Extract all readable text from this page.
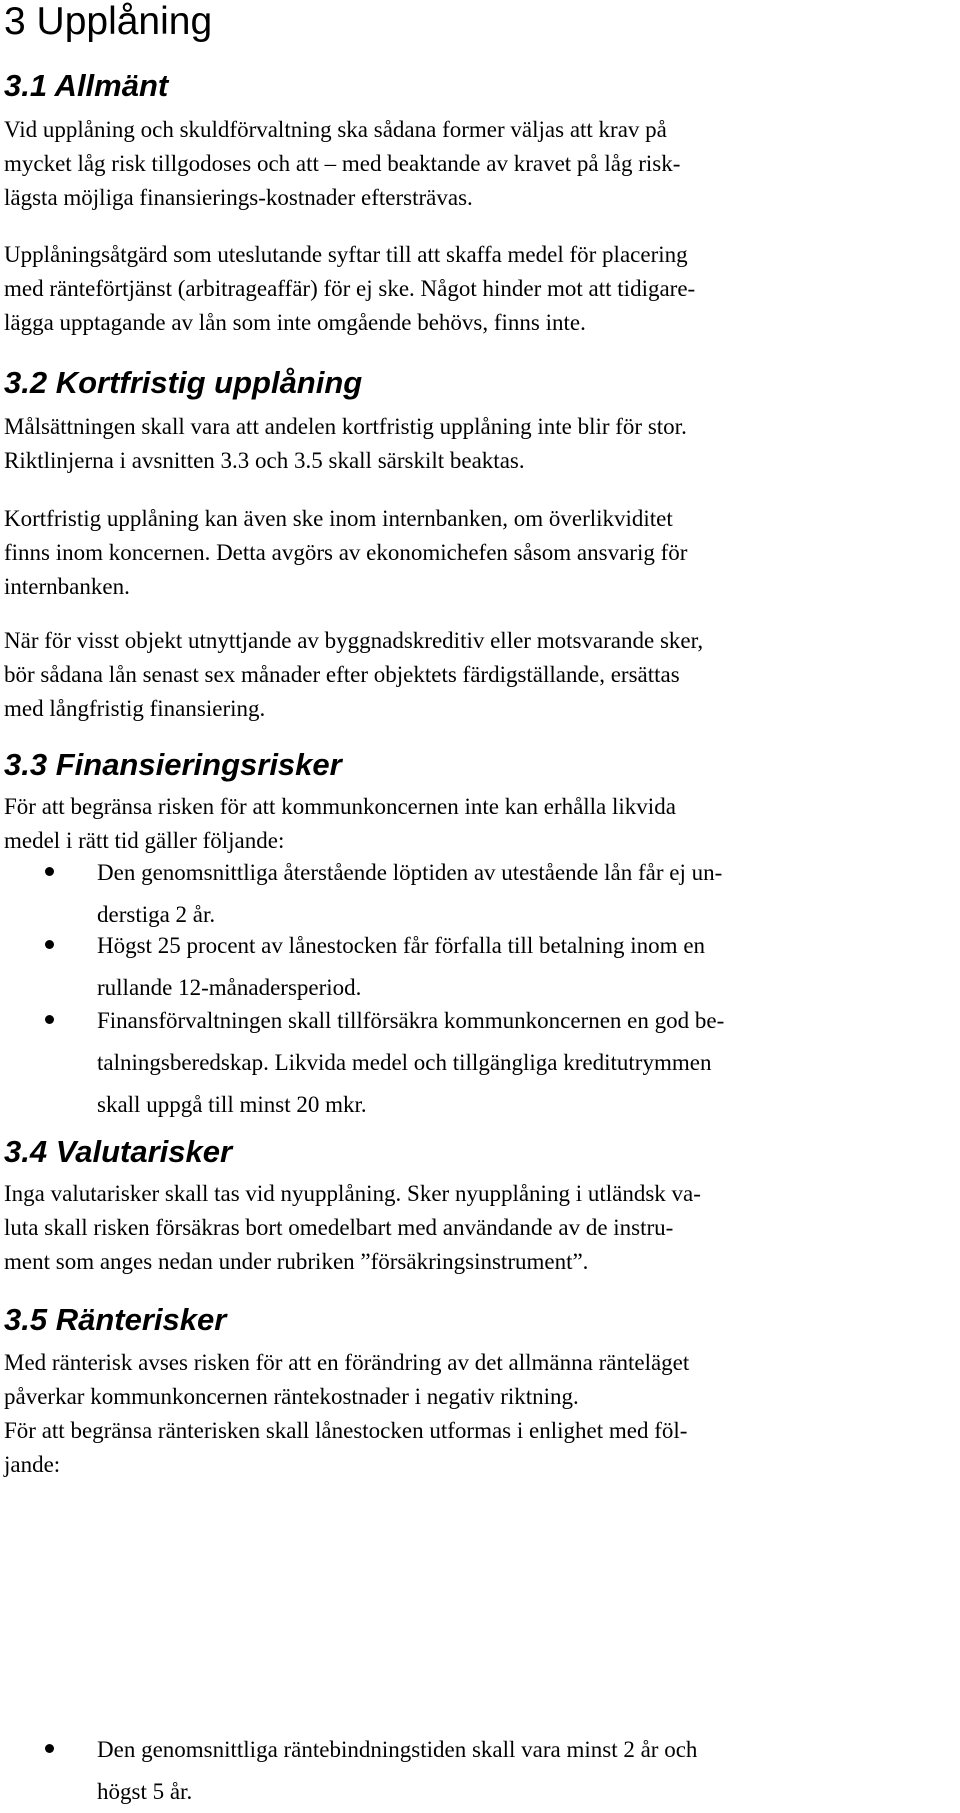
3 Upplåning
3.1 Allmänt

Vid upplåning och skuldförvaltning ska sådana former väljas att krav på
mycket låg risk tillgodoses och att – med beaktande av kravet på låg risk-
lägsta möjliga finansierings-kostnader eftersträvas.

Upplåningsåtgärd som uteslutande syftar till att skaffa medel för placering
med ränteförtjänst (arbitrageaffär) för ej ske. Något hinder mot att tidigare-
lägga upptagande av lån som inte omgående behövs, finns inte.

3.2 Kortfristig upplåning

Målsättningen skall vara att andelen kortfristig upplåning inte blir för stor.
Riktlinjerna i avsnitten 3.3 och 3.5 skall särskilt beaktas.

Kortfristig upplåning kan även ske inom internbanken, om överlikviditet
finns inom koncernen. Detta avgörs av ekonomichefen såsom ansvarig för
internbanken.

När för visst objekt utnyttjande av byggnadskreditiv eller motsvarande sker,
bör sådana lån senast sex månader efter objektets färdigställande, ersättas
med långfristig finansiering.

3.3 Finansieringsrisker

För att begränsa risken för att kommunkoncernen inte kan erhålla likvida
medel i rätt tid gäller följande:

Den genomsnittliga återstående löptiden av utestående lån får ej un-
derstiga 2 år.
Högst 25 procent av lånestocken får förfalla till betalning inom en
rullande 12-månadersperiod.
Finansförvaltningen skall tillförsäkra kommunkoncernen en god be-
talningsberedskap. Likvida medel och tillgängliga kreditutrymmen
skall uppgå till minst 20 mkr.
3.4 Valutarisker

Inga valutarisker skall tas vid nyupplåning. Sker nyupplåning i utländsk va-
luta skall risken försäkras bort omedelbart med användande av de instru-
ment som anges nedan under rubriken ”försäkringsinstrument”.

3.5 Ränterisker

Med ränterisk avses risken för att en förändring av det allmänna ränteläget
påverkar kommunkoncernen räntekostnader i negativ riktning.
För att begränsa ränterisken skall lånestocken utformas i enlighet med föl-
jande:

Den genomsnittliga räntebindningstiden skall vara minst 2 år och
högst 5 år.
